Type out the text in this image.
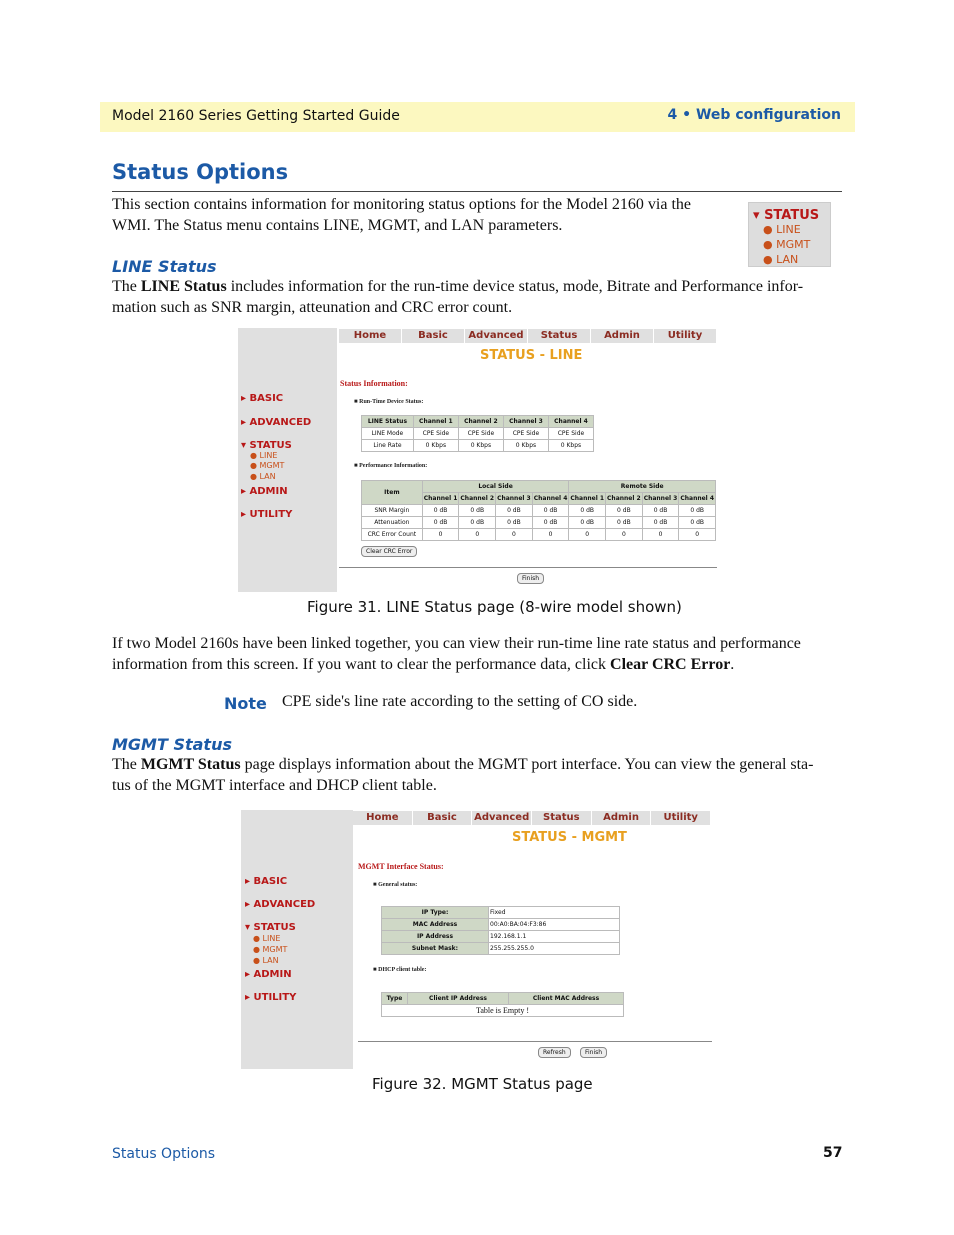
Model 2160 Series Getting Started Guide	4 • Web configuration
Status Options
This section contains information for monitoring status options for the Model 2160 via the WMI. The Status menu contains LINE, MGMT, and LAN parameters.
▾ STATUS
● LINE
● MGMT
● LAN
LINE Status
The LINE Status includes information for the run-time device status, mode, Bitrate and Performance infor-
mation such as SNR margin, atteunation and CRC error count.
Home	Basic	Advanced	Status	Admin	Utility
STATUS - LINE
▸ BASIC
▸ ADVANCED
▾ STATUS
● LINE
● MGMT
● LAN
▸ ADMIN
▸ UTILITY
Status Information:
■ Run-Time Device Status:
LINE Status	Channel 1	Channel 2	Channel 3	Channel 4
LINE Mode	CPE Side	CPE Side	CPE Side	CPE Side
Line Rate	0 Kbps	0 Kbps	0 Kbps	0 Kbps
■ Performance Information:
Item	Local Side				Remote Side			
	Channel 1	Channel 2	Channel 3	Channel 4	Channel 1	Channel 2	Channel 3	Channel 4
SNR Margin	0 dB	0 dB	0 dB	0 dB	0 dB	0 dB	0 dB	0 dB
Attenuation	0 dB	0 dB	0 dB	0 dB	0 dB	0 dB	0 dB	0 dB
CRC Error Count	0	0	0	0	0	0	0	0
Clear CRC Error
Finish
Figure 31. LINE Status page (8-wire model shown)
If two Model 2160s have been linked together, you can view their run-time line rate status and performance
information from this screen. If you want to clear the performance data, click Clear CRC Error.
Note CPE side's line rate according to the setting of CO side.
MGMT Status
The MGMT Status page displays information about the MGMT port interface. You can view the general sta-
tus of the MGMT interface and DHCP client table.
Home	Basic	Advanced	Status	Admin	Utility
STATUS - MGMT
▸ BASIC
▸ ADVANCED
▾ STATUS
● LINE
● MGMT
● LAN
▸ ADMIN
▸ UTILITY
MGMT Interface Status:
■ General status:
IP Type:	Fixed
MAC Address	00:A0:BA:04:F3:86
IP Address	192.168.1.1
Subnet Mask:	255.255.255.0
■ DHCP client table:
Type	Client IP Address	Client MAC Address
Table is Empty !
Refresh	Finish
Figure 32. MGMT Status page
Status Options	57
